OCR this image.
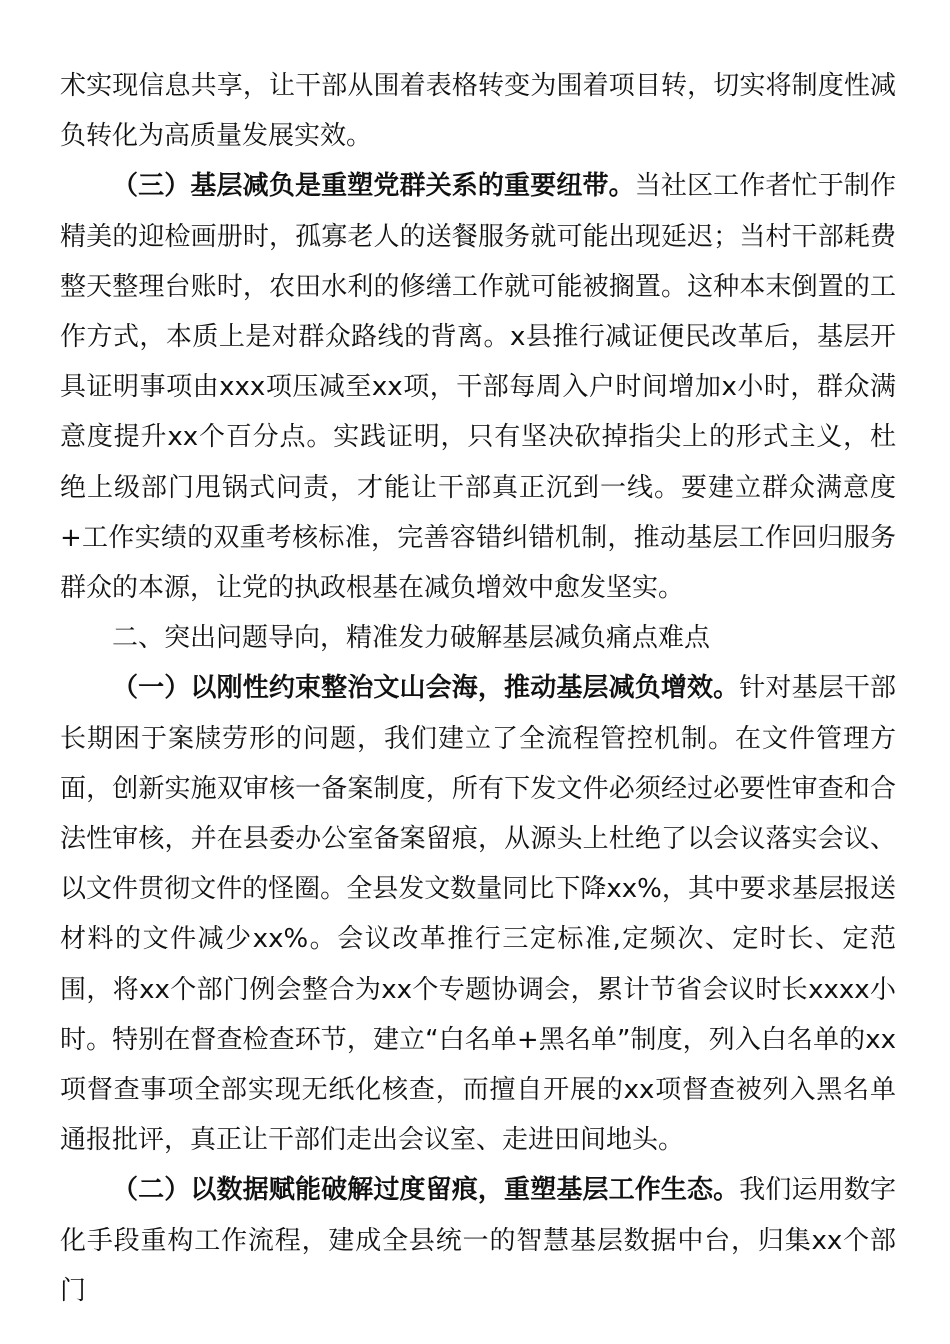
术实现信息共享，让干部从围着表格转变为围着项目转，切实将制度性减负转化为高质量发展实效。

（三）基层减负是重塑党群关系的重要纽带。当社区工作者忙于制作精美的迎检画册时，孤寡老人的送餐服务就可能出现延迟；当村干部耗费整天整理台账时，农田水利的修缮工作就可能被搁置。这种本末倒置的工作方式，本质上是对群众路线的背离。x县推行减证便民改革后，基层开具证明事项由xxx项压减至xx项，干部每周入户时间增加x小时，群众满意度提升xx个百分点。实践证明，只有坚决砍掉指尖上的形式主义，杜绝上级部门甩锅式问责，才能让干部真正沉到一线。要建立群众满意度+工作实绩的双重考核标准，完善容错纠错机制，推动基层工作回归服务群众的本源，让党的执政根基在减负增效中愈发坚实。

二、突出问题导向，精准发力破解基层减负痛点难点

（一）以刚性约束整治文山会海，推动基层减负增效。针对基层干部长期困于案牍劳形的问题，我们建立了全流程管控机制。在文件管理方面，创新实施双审核一备案制度，所有下发文件必须经过必要性审查和合法性审核，并在县委办公室备案留痕，从源头上杜绝了以会议落实会议、以文件贯彻文件的怪圈。全县发文数量同比下降xx%，其中要求基层报送材料的文件减少xx%。会议改革推行三定标准,定频次、定时长、定范围，将xx个部门例会整合为xx个专题协调会，累计节省会议时长xxxx小时。特别在督查检查环节，建立“白名单+黑名单”制度，列入白名单的xx项督查事项全部实现无纸化核查，而擅自开展的xx项督查被列入黑名单通报批评，真正让干部们走出会议室、走进田间地头。

（二）以数据赋能破解过度留痕，重塑基层工作生态。我们运用数字化手段重构工作流程，建成全县统一的智慧基层数据中台，归集xx个部门
